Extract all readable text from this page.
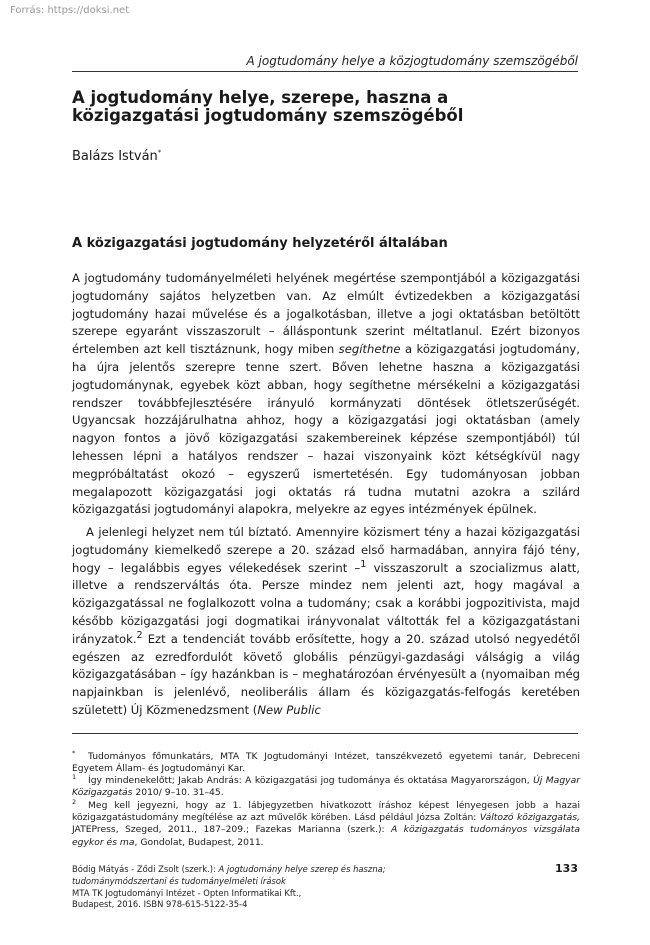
Forrás: https://doksi.net
A jogtudomány helye a közjogtudomány szemszögéből
A jogtudomány helye, szerepe, haszna a közigazgatási jogtudomány szemszögéből
Balázs István*
A közigazgatási jogtudomány helyzetéről általában
A jogtudomány tudományelméleti helyének megértése szempontjából a közigazgatási jogtudomány sajátos helyzetben van. Az elmúlt évtizedekben a közigazgatási jogtudomány hazai művelése és a jogalkotásban, illetve a jogi oktatásban betöltött szerepe egyaránt visszaszorult – álláspontunk szerint méltatlanul. Ezért bizonyos értelemben azt kell tisztáznunk, hogy miben segíthetne a közigazgatási jogtudomány, ha újra jelentős szerepre tenne szert. Bőven lehetne haszna a közigazgatási jogtudománynak, egyebek közt abban, hogy segíthetne mérsékelni a közigazgatási rendszer továbbfejlesztésére irányuló kormányzati döntések ötletszerűségét. Ugyancsak hozzájárulhatna ahhoz, hogy a közigazgatási jogi oktatásban (amely nagyon fontos a jövő közigazgatási szakembereinek képzése szempontjából) túl lehessen lépni a hatályos rendszer – hazai viszonyaink közt kétségkívül nagy megpróbáltatást okozó – egyszerű ismertetésén. Egy tudományosan jobban megalapozott közigazgatási jogi oktatás rá tudna mutatni azokra a szilárd közigazgatási jogtudományi alapokra, melyekre az egyes intézmények épülnek.
A jelenlegi helyzet nem túl bíztató. Amennyire közismert tény a hazai közigazgatási jogtudomány kiemelkedő szerepe a 20. század első harmadában, annyira fájó tény, hogy – legalábbis egyes vélekedések szerint –$^1$ visszaszorult a szocializmus alatt, illetve a rendszerváltás óta. Persze mindez nem jelenti azt, hogy magával a közigazgatással ne foglalkozott volna a tudomány; csak a korábbi jogpozitivista, majd később közigazgatási jogi dogmatikai irányvonalat váltották fel a közigazgatástani irányzatok.$^2$ Ezt a tendenciát tovább erősítette, hogy a 20. század utolsó negyedétől egészen az ezredfordulót követő globális pénzügyi-gazdasági válságig a világ közigazgatásában – így hazánkban is – meghatározóan érvényesült a (nyomaiban még napjainkban is jelenlévő, neoliberális állam és közigazgatás-felfogás keretében született) Új Közmenedzsment (New Public
* Tudományos főmunkatárs, MTA TK Jogtudományi Intézet, tanszékvezető egyetemi tanár, Debreceni Egyetem Állam- és Jogtudományi Kar.
$^1$ Így mindenekelőtt; Jakab András: A közigazgatási jog tudománya és oktatása Magyarországon, Új Magyar Közigazgatás 2010/ 9–10. 31–45.
$^2$ Meg kell jegyezni, hogy az 1. lábjegyzetben hivatkozott íráshoz képest lényegesen jobb a hazai közigazgatástudomány megítélése az azt művelők körében. Lásd például Józsa Zoltán: Változó közigazgatás, JATEPress, Szeged, 2011., 187–209.; Fazekas Marianna (szerk.): A közigazgatás tudományos vizsgálata egykor és ma, Gondolat, Budapest, 2011.
Bódig Mátyás - Ződi Zsolt (szerk.): A jogtudomány helye szerep és haszna;
tudománymódszertani és tudományelméleti írások
MTA TK Jogtudományi Intézet - Opten Informatikai Kft.,
Budapest, 2016. ISBN 978-615-5122-35-4
133
